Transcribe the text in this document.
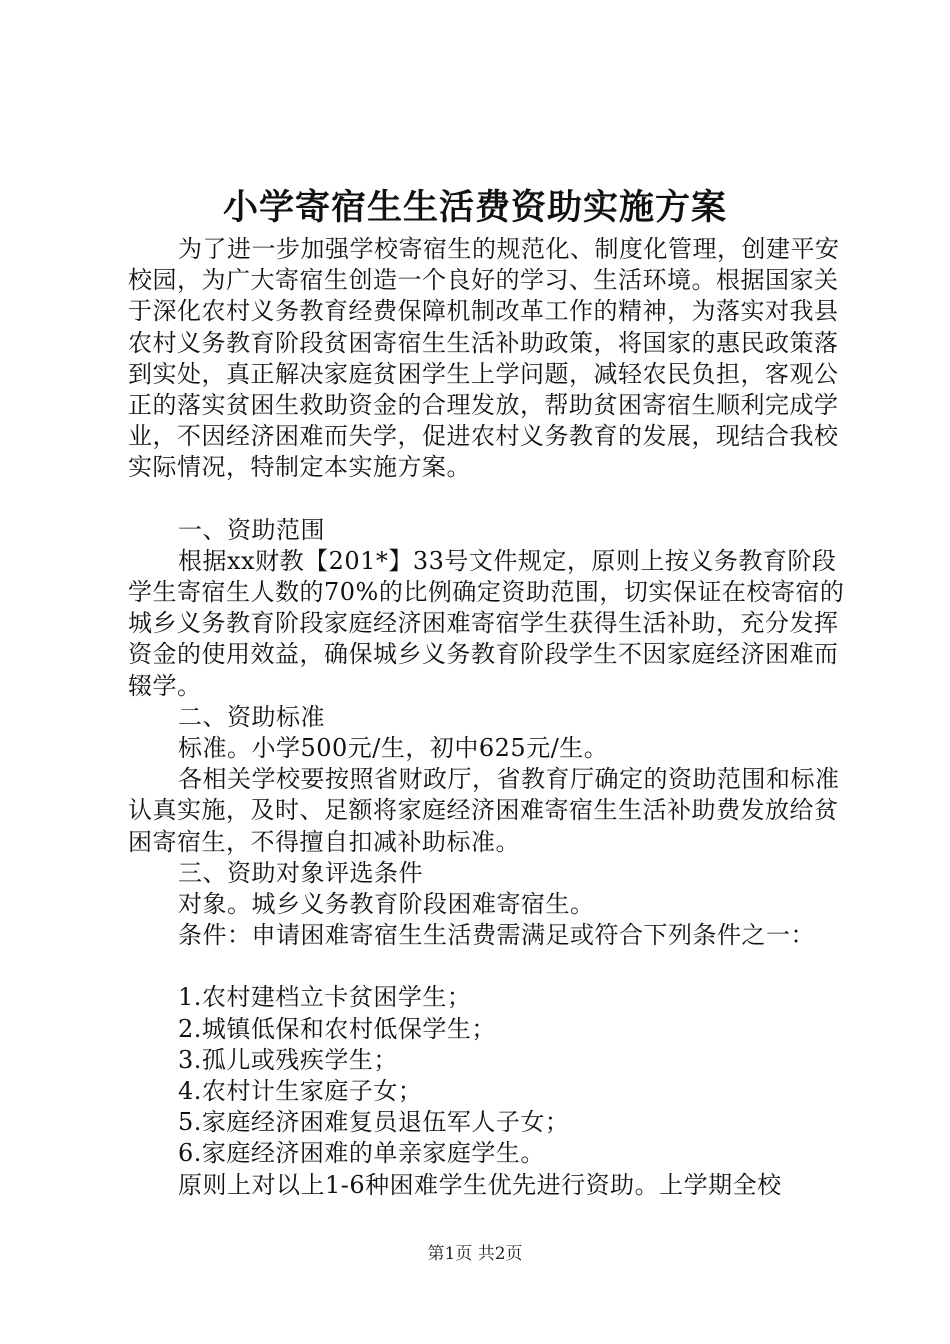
小学寄宿生生活费资助实施方案

为了进一步加强学校寄宿生的规范化、制度化管理，创建平安校园，为广大寄宿生创造一个良好的学习、生活环境。根据国家关于深化农村义务教育经费保障机制改革工作的精神，为落实对我县农村义务教育阶段贫困寄宿生生活补助政策，将国家的惠民政策落到实处，真正解决家庭贫困学生上学问题，减轻农民负担，客观公正的落实贫困生救助资金的合理发放，帮助贫困寄宿生顺利完成学业，不因经济困难而失学，促进农村义务教育的发展，现结合我校实际情况，特制定本实施方案。

一、资助范围

根据xx财教【201*】33号文件规定，原则上按义务教育阶段学生寄宿生人数的70%的比例确定资助范围，切实保证在校寄宿的城乡义务教育阶段家庭经济困难寄宿学生获得生活补助，充分发挥资金的使用效益，确保城乡义务教育阶段学生不因家庭经济困难而辍学。

二、资助标准

标准。小学500元/生，初中625元/生。

各相关学校要按照省财政厅，省教育厅确定的资助范围和标准认真实施，及时、足额将家庭经济困难寄宿生生活补助费发放给贫困寄宿生，不得擅自扣减补助标准。

三、资助对象评选条件

对象。城乡义务教育阶段困难寄宿生。

条件：申请困难寄宿生生活费需满足或符合下列条件之一：

1.农村建档立卡贫困学生；

2.城镇低保和农村低保学生；

3.孤儿或残疾学生；

4.农村计生家庭子女；

5.家庭经济困难复员退伍军人子女；

6.家庭经济困难的单亲家庭学生。

原则上对以上1-6种困难学生优先进行资助。上学期全校

第1页 共2页
